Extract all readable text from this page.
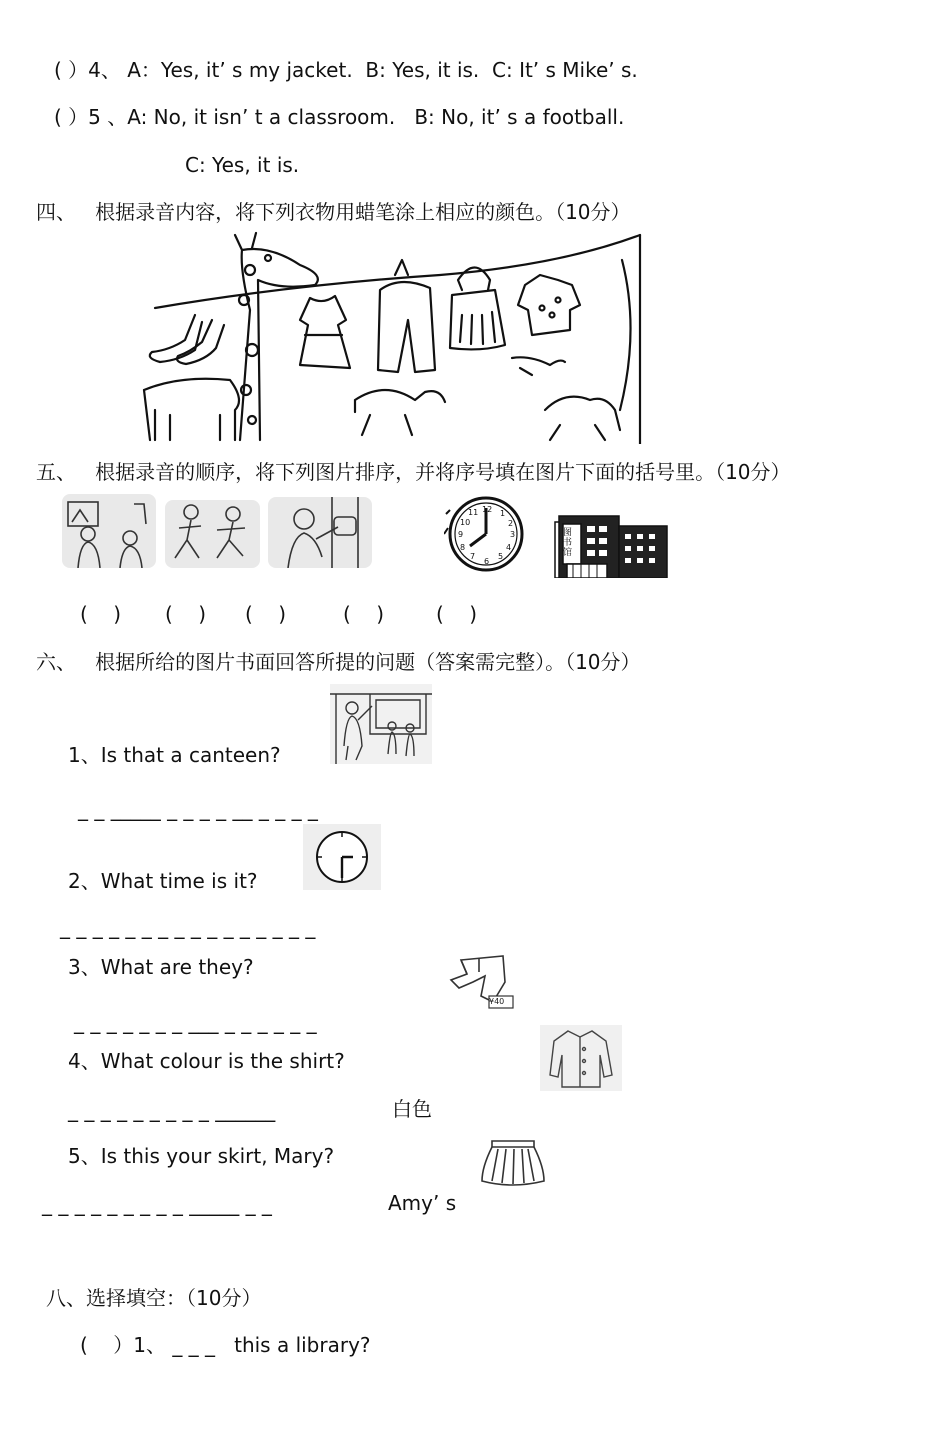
( ）4、 A：Yes, it’ s my jacket.  B: Yes, it is.  C: It’ s Mike’ s.
( ）5 、A: No, it isn’ t a classroom.   B: No, it’ s a football.
C: Yes, it is.
四、   根据录音内容，将下列衣物用蜡笔涂上相应的颜色。（10分）
五、   根据录音的顺序，将下列图片排序，并将序号填在图片下面的括号里。（10分）
12
3
6
9
1
2
4
5
7
8
10
11
图书馆
(    ) (    ) (    )	(    )	(    )
六、   根据所给的图片书面回答所提的问题（答案需完整）。（10分）
1、Is that a canteen?
_ _ _____ _ _ _ _ __ _ _ _ _
2、What time is it?
_ _ _ _ _ _ _ _ _ _ _ _ _ _ _ _
3、What are they?
¥40
_ _ _ _ _ _ _ ___ _ _ _ _ _ _
4、What colour is the shirt?
_ _ _ _ _ _ _ _ _ ______	白色
5、Is this your skirt, Mary?
_ _ _ _ _ _ _ _ _ _____ _ _	Amy’ s
八、选择填空：（10分）
(    ）1、 _ _ _   this a library?
